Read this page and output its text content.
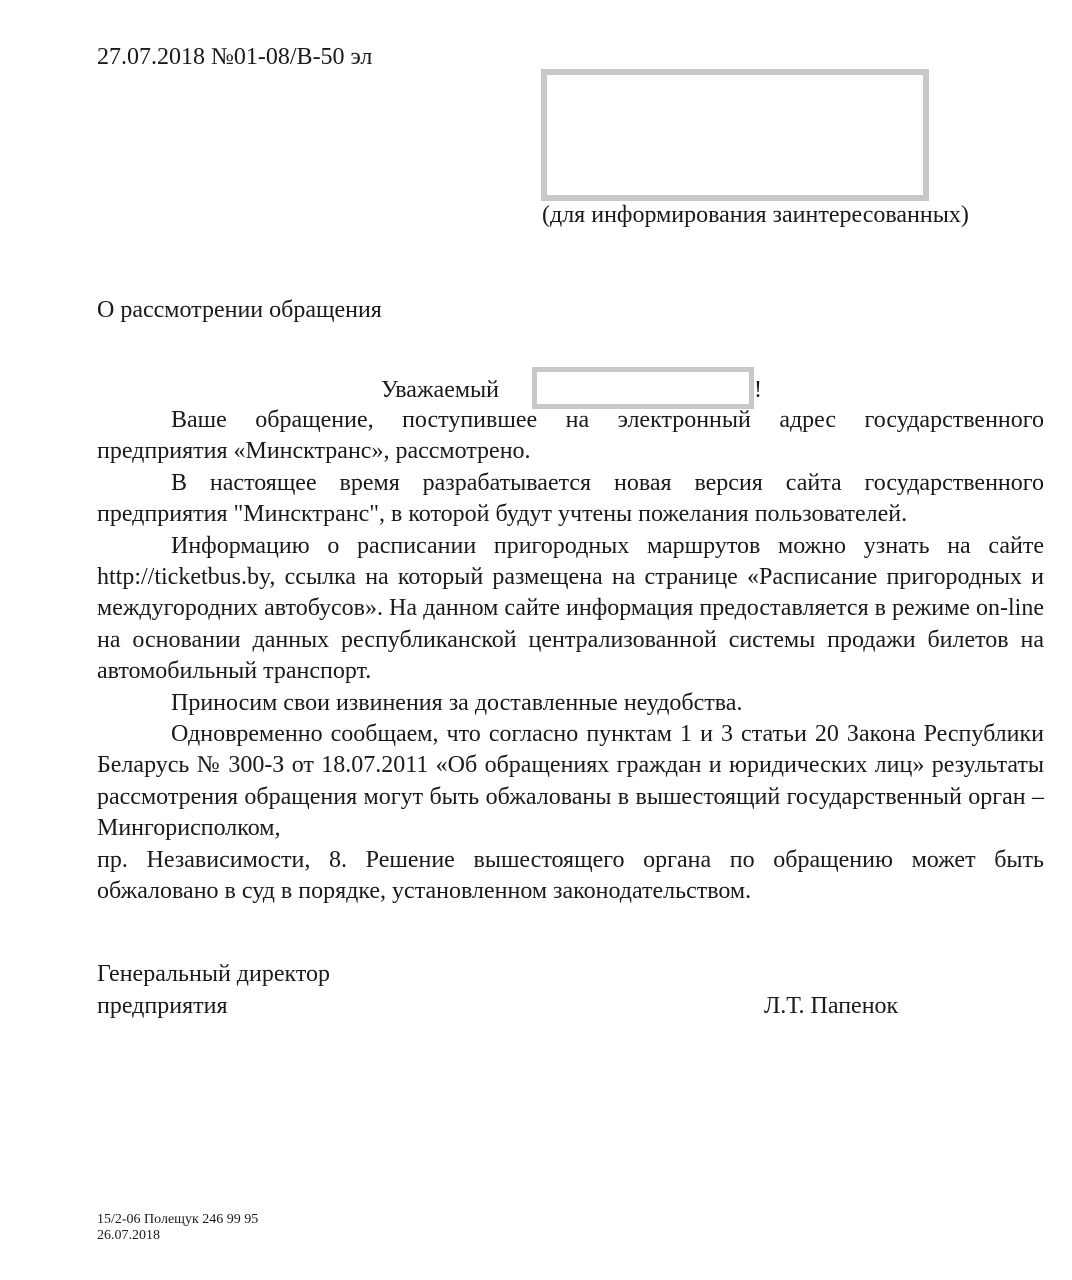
27.07.2018 №01-08/В-50 эл
(для информирования заинтересованных)
О рассмотрении обращения
Уважаемый	!

Ваше обращение, поступившее на электронный адрес государственного предприятия «Минсктранс», рассмотрено.

В настоящее время разрабатывается новая версия сайта государственного предприятия "Минсктранс", в которой будут учтены пожелания пользователей.

Информацию о расписании пригородных маршрутов можно узнать на сайте http://ticketbus.by, ссылка на который размещена на странице «Расписание пригородных и междугородних автобусов». На данном сайте информация предоставляется в режиме on-line на основании данных республиканской централизованной системы продажи билетов на автомобильный транспорт.

Приносим свои извинения за доставленные неудобства.

Одновременно сообщаем, что согласно пунктам 1 и 3 статьи 20 Закона Республики Беларусь № 300-З от 18.07.2011 «Об обращениях граждан и юридических лиц» результаты рассмотрения обращения могут быть обжалованы в вышестоящий государственный орган – Мингорисполком,

пр. Независимости, 8. Решение вышестоящего органа по обращению может быть обжаловано в суд в порядке, установленном законодательством.

Генеральный директор
предприятия	Л.Т. Папенок
15/2-06 Полещук 246 99 95
26.07.2018
